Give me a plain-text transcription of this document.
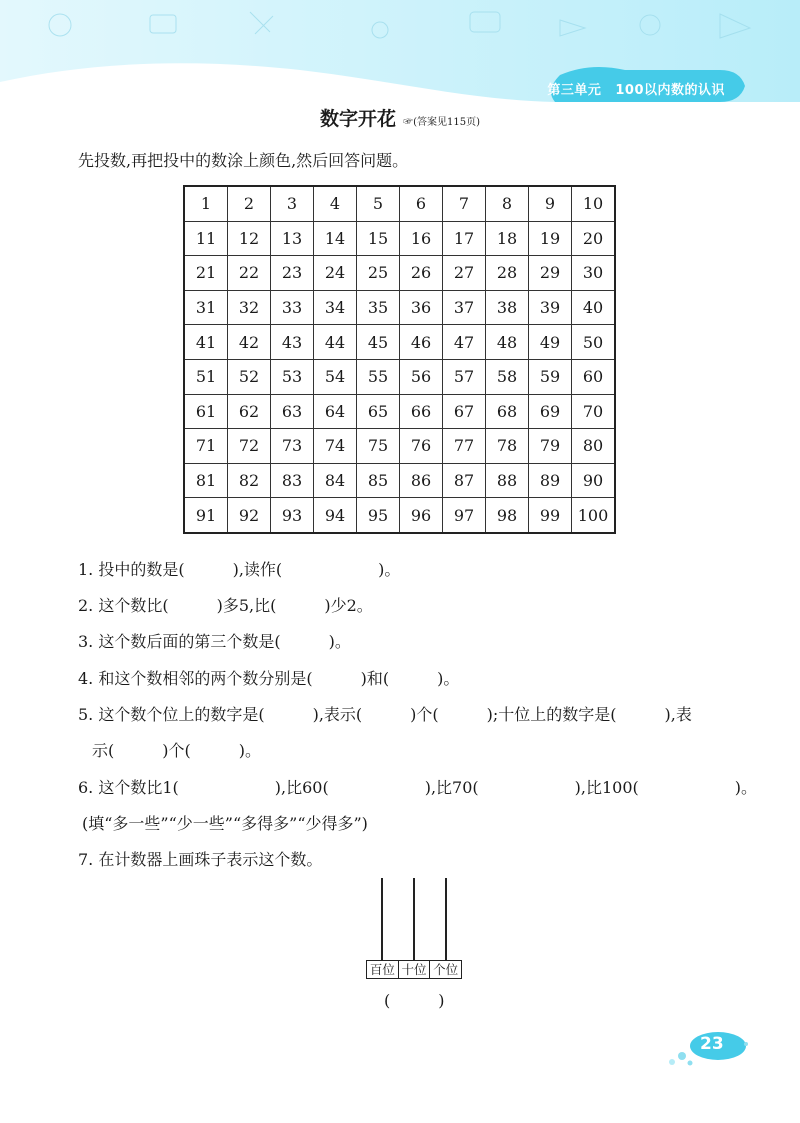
第三单元 100以内数的认识
数字开花 ☞(答案见115页)
先投数,再把投中的数涂上颜色,然后回答问题。
1	2	3	4	5	6	7	8	9	10
11	12	13	14	15	16	17	18	19	20
21	22	23	24	25	26	27	28	29	30
31	32	33	34	35	36	37	38	39	40
41	42	43	44	45	46	47	48	49	50
51	52	53	54	55	56	57	58	59	60
61	62	63	64	65	66	67	68	69	70
71	72	73	74	75	76	77	78	79	80
81	82	83	84	85	86	87	88	89	90
91	92	93	94	95	96	97	98	99	100
1. 投中的数是(　　　),读作(　　　　　　)。
2. 这个数比(　　　)多5,比(　　　)少2。
3. 这个数后面的第三个数是(　　　)。
4. 和这个数相邻的两个数分别是(　　　)和(　　　)。
5. 这个数个位上的数字是(　　　),表示(　　　)个(　　　);十位上的数字是(　　　),表
示(　　　)个(　　　)。
6. 这个数比1(　　　　　　),比60(　　　　　　),比70(　　　　　　),比100(　　　　　　)。
(填“多一些”“少一些”“多得多”“少得多”)
7. 在计数器上画珠子表示这个数。
百位 十位 个位
(　　　)
23
